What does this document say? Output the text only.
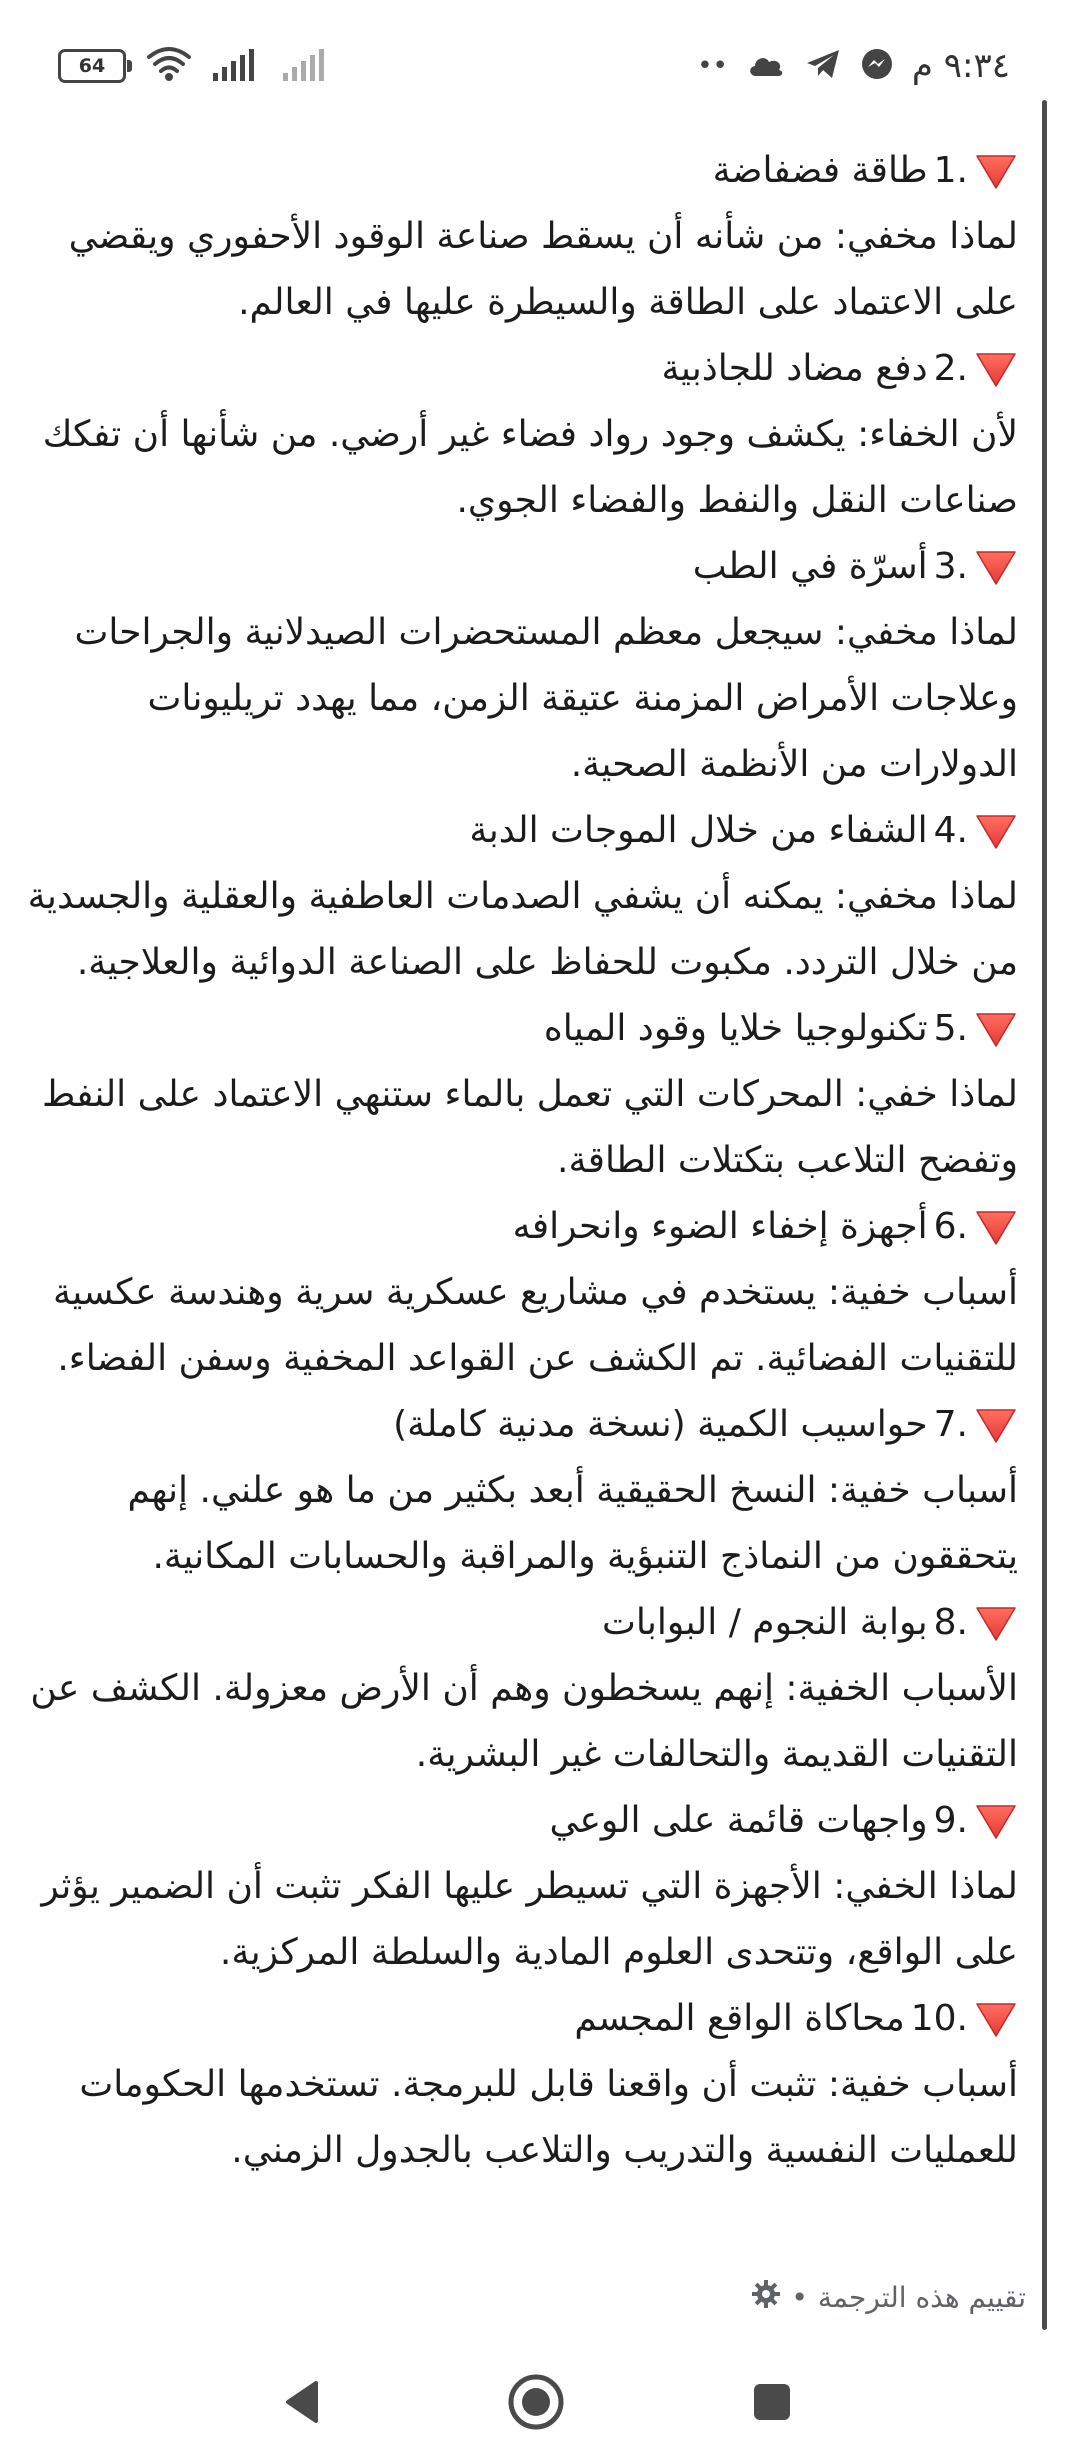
٩:٣٤ م
••
64
1.
طاقة فضفاضة
لماذا مخفي: من شأنه أن يسقط صناعة الوقود الأحفوري ويقضي
على الاعتماد على الطاقة والسيطرة عليها في العالم.
2.
دفع مضاد للجاذبية
لأن الخفاء: يكشف وجود رواد فضاء غير أرضي. من شأنها أن تفكك
صناعات النقل والنفط والفضاء الجوي.
3.
أسرّة في الطب
لماذا مخفي: سيجعل معظم المستحضرات الصيدلانية والجراحات
وعلاجات الأمراض المزمنة عتيقة الزمن، مما يهدد تريليونات
الدولارات من الأنظمة الصحية.
4.
الشفاء من خلال الموجات الدبة
لماذا مخفي: يمكنه أن يشفي الصدمات العاطفية والعقلية والجسدية
من خلال التردد. مكبوت للحفاظ على الصناعة الدوائية والعلاجية.
5.
تكنولوجيا خلايا وقود المياه
لماذا خفي: المحركات التي تعمل بالماء ستنهي الاعتماد على النفط
وتفضح التلاعب بتكتلات الطاقة.
6.
أجهزة إخفاء الضوء وانحرافه
أسباب خفية: يستخدم في مشاريع عسكرية سرية وهندسة عكسية
للتقنيات الفضائية. تم الكشف عن القواعد المخفية وسفن الفضاء.
7.
حواسيب الكمية (نسخة مدنية كاملة)
أسباب خفية: النسخ الحقيقية أبعد بكثير من ما هو علني. إنهم
يتحققون من النماذج التنبؤية والمراقبة والحسابات المكانية.
8.
بوابة النجوم / البوابات
الأسباب الخفية: إنهم يسخطون وهم أن الأرض معزولة. الكشف عن
التقنيات القديمة والتحالفات غير البشرية.
9.
واجهات قائمة على الوعي
لماذا الخفي: الأجهزة التي تسيطر عليها الفكر تثبت أن الضمير يؤثر
على الواقع، وتتحدى العلوم المادية والسلطة المركزية.
10.
محاكاة الواقع المجسم
أسباب خفية: تثبت أن واقعنا قابل للبرمجة. تستخدمها الحكومات
للعمليات النفسية والتدريب والتلاعب بالجدول الزمني.
• تقييم هذه الترجمة
